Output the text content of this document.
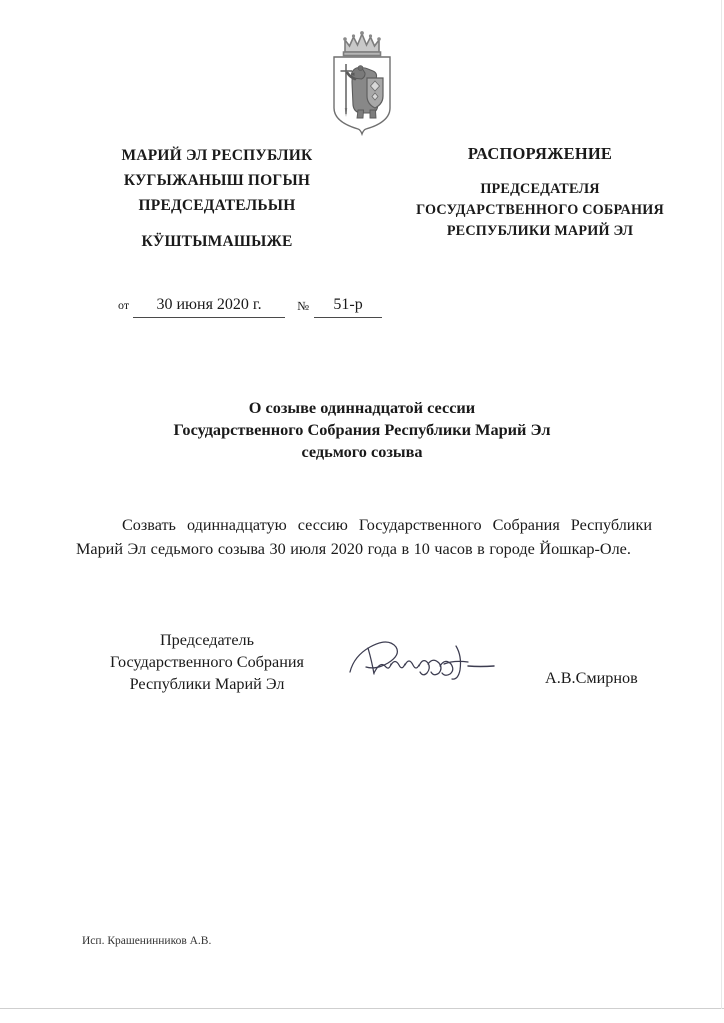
МАРИЙ ЭЛ РЕСПУБЛИК
КУГЫЖАНЫШ ПОГЫН
ПРЕДСЕДАТЕЛЬЫН
КӰШТЫМАШЫЖЕ
РАСПОРЯЖЕНИЕ
ПРЕДСЕДАТЕЛЯ
ГОСУДАРСТВЕННОГО СОБРАНИЯ
РЕСПУБЛИКИ МАРИЙ ЭЛ
от	30 июня 2020 г.	№	51-р
О созыве одиннадцатой сессии
Государственного Собрания Республики Марий Эл
седьмого созыва
Созвать одиннадцатую сессию Государственного Собрания Республики Марий Эл седьмого созыва 30 июля 2020 года в 10 часов в городе Йошкар-Оле.
Председатель
Государственного Собрания
Республики Марий Эл	А.В.Смирнов
Исп. Крашенинников А.В.
